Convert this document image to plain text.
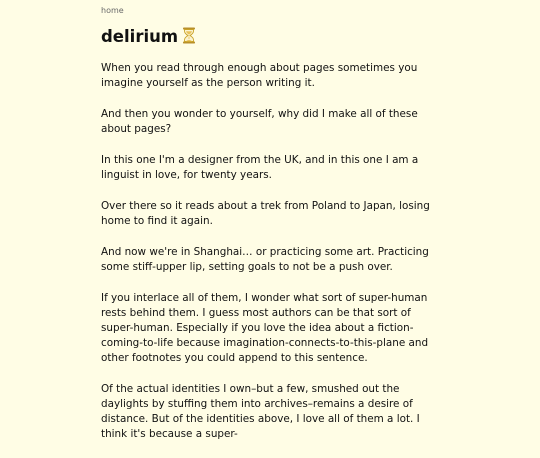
home
delirium

When you read through enough about pages sometimes you imagine yourself as the person writing it.

And then you wonder to yourself, why did I make all of these about pages?

In this one I'm a designer from the UK, and in this one I am a linguist in love, for twenty years.

Over there so it reads about a trek from Poland to Japan, losing home to find it again.

And now we're in Shanghai… or practicing some art. Practicing some stiff-upper lip, setting goals to not be a push over.

If you interlace all of them, I wonder what sort of super-human rests behind them. I guess most authors can be that sort of super-human. Especially if you love the idea about a fiction-coming-to-life because imagination-connects-to-this-plane and other footnotes you could append to this sentence.

Of the actual identities I own–but a few, smushed out the daylights by stuffing them into archives–remains a desire of distance. But of the identities above, I love all of them a lot. I think it's because a super-
